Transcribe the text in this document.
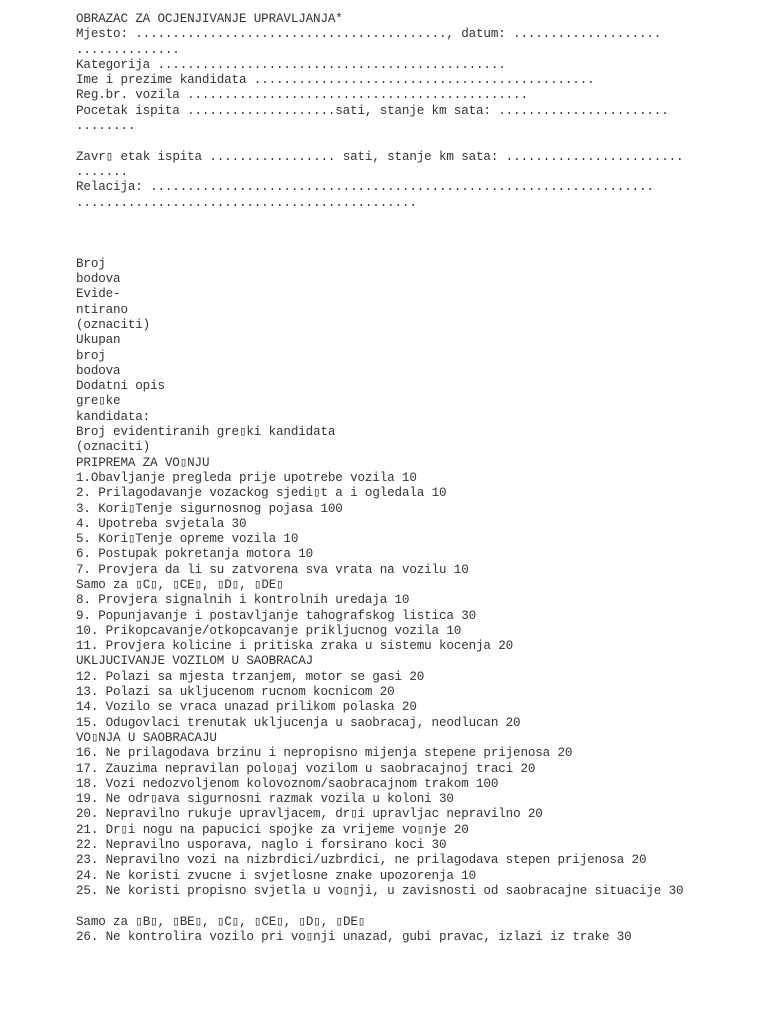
OBRAZAC ZA OCJENJIVANJE UPRAVLJANJA*
Mjesto: .........................................., datum: ....................
..............
Kategorija ...............................................
Ime i prezime kandidata ..............................................
Reg.br. vozila ..............................................
Pocetak ispita ....................sati, stanje km sata: .......................
........
Zavr▯ etak ispita ................. sati, stanje km sata: ........................
.......
Relacija: ....................................................................
..............................................
Broj
bodova
Evide-
ntirano
(oznaciti)
Ukupan
broj
bodova
Dodatni opis
gre▯ke
kandidata:
Broj evidentiranih gre▯ki kandidata
(oznaciti)
PRIPREMA ZA VO▯NJU
1.Obavljanje pregleda prije upotrebe vozila 10
2. Prilagodavanje vozackog sjedi▯t a i ogledala 10
3. Kori▯Tenje sigurnosnog pojasa 100
4. Upotreba svjetala 30
5. Kori▯Tenje opreme vozila 10
6. Postupak pokretanja motora 10
7. Provjera da li su zatvorena sva vrata na vozilu 10
Samo za ▯C▯, ▯CE▯, ▯D▯, ▯DE▯
8. Provjera signalnih i kontrolnih uredaja 10
9. Popunjavanje i postavljanje tahografskog listica 30
10. Prikopcavanje/otkopcavanje prikljucnog vozila 10
11. Provjera kolicine i pritiska zraka u sistemu kocenja 20
UKLJUCIVANJE VOZILOM U SAOBRACAJ
12. Polazi sa mjesta trzanjem, motor se gasi 20
13. Polazi sa ukljucenom rucnom kocnicom 20
14. Vozilo se vraca unazad prilikom polaska 20
15. Odugovlaci trenutak ukljucenja u saobracaj, neodlucan 20
VO▯NJA U SAOBRACAJU
16. Ne prilagodava brzinu i nepropisno mijenja stepene prijenosa 20
17. Zauzima nepravilan polo▯aj vozilom u saobracajnoj traci 20
18. Vozi nedozvoljenom kolovoznom/saobracajnom trakom 100
19. Ne odr▯ava sigurnosni razmak vozila u koloni 30
20. Nepravilno rukuje upravljacem, dr▯i upravljac nepravilno 20
21. Dr▯i nogu na papucici spojke za vrijeme vo▯nje 20
22. Nepravilno usporava, naglo i forsirano koci 30
23. Nepravilno vozi na nizbrdici/uzbrdici, ne prilagodava stepen prijenosa 20
24. Ne koristi zvucne i svjetlosne znake upozorenja 10
25. Ne koristi propisno svjetla u vo▯nji, u zavisnosti od saobracajne situacije 30
Samo za ▯B▯, ▯BE▯, ▯C▯, ▯CE▯, ▯D▯, ▯DE▯
26. Ne kontrolira vozilo pri vo▯nji unazad, gubi pravac, izlazi iz trake 30
